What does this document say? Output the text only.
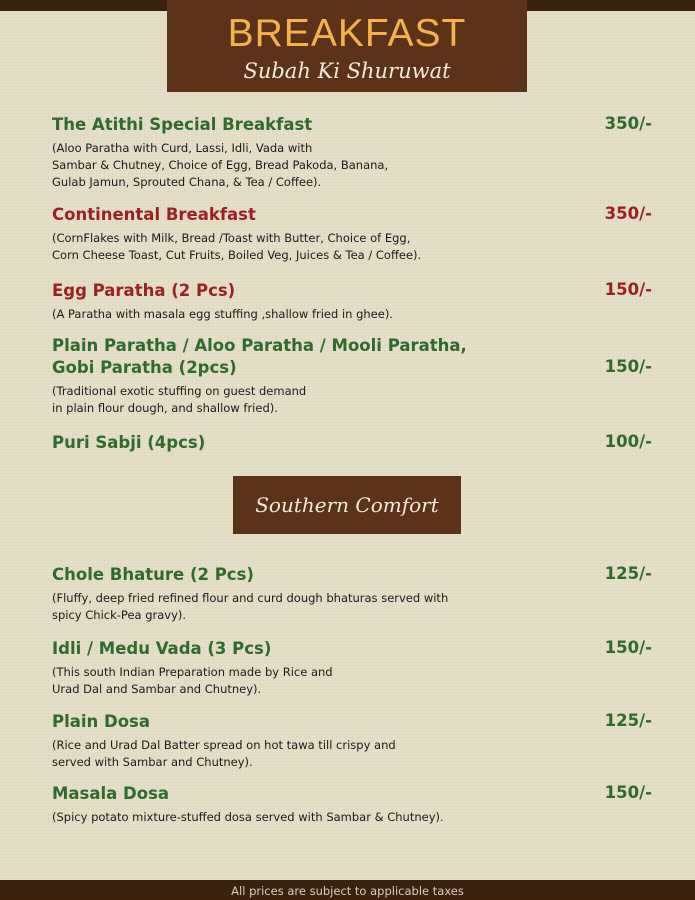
BREAKFAST
Subah Ki Shuruwat
The Atithi Special Breakfast	350/-
(Aloo Paratha with Curd, Lassi, Idli, Vada with
Sambar & Chutney, Choice of Egg, Bread Pakoda, Banana,
Gulab Jamun, Sprouted Chana, & Tea / Coffee).
Continental Breakfast	350/-
(CornFlakes with Milk, Bread /Toast with Butter, Choice of Egg,
Corn Cheese Toast, Cut Fruits, Boiled Veg, Juices & Tea / Coffee).
Egg Paratha (2 Pcs)	150/-
(A Paratha with masala egg stuffing ,shallow fried in ghee).
Plain Paratha / Aloo Paratha / Mooli Paratha,
Gobi Paratha (2pcs)	150/-
(Traditional exotic stuffing on guest demand
in plain flour dough, and shallow fried).
Puri Sabji (4pcs)	100/-
Southern Comfort
Chole Bhature (2 Pcs)	125/-
(Fluffy, deep fried refined flour and curd dough bhaturas served with
spicy Chick-Pea gravy).
Idli / Medu Vada (3 Pcs)	150/-
(This south Indian Preparation made by Rice and
Urad Dal and Sambar and Chutney).
Plain Dosa	125/-
(Rice and Urad Dal Batter spread on hot tawa till crispy and
served with Sambar and Chutney).
Masala Dosa	150/-
(Spicy potato mixture-stuffed dosa served with Sambar & Chutney).
All prices are subject to applicable taxes
